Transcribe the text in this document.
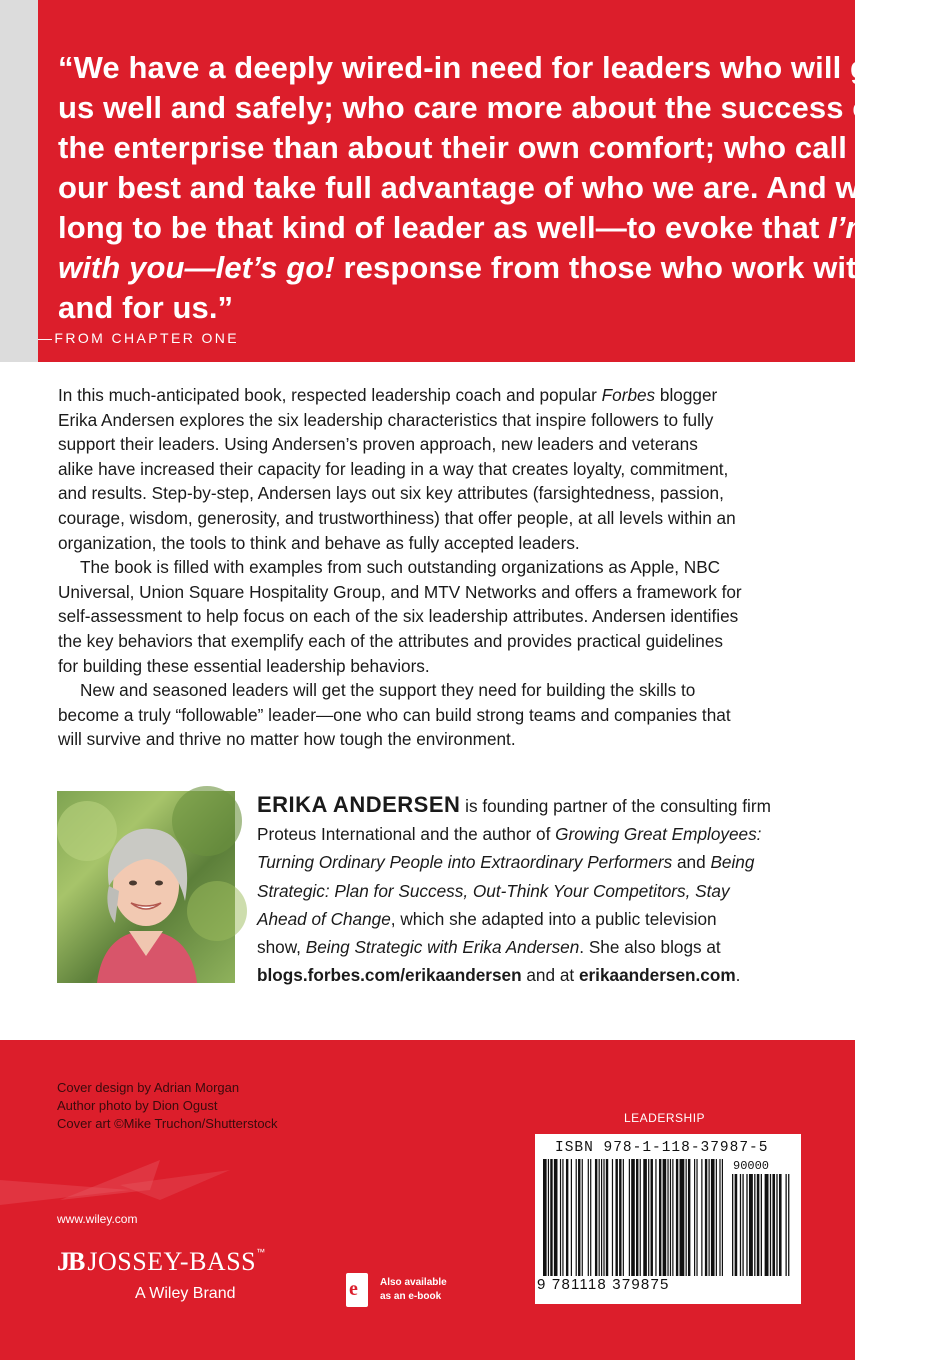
“We have a deeply wired-in need for leaders who will guide
us well and safely; who care more about the success of
the enterprise than about their own comfort; who call out
our best and take full advantage of who we are. And we
long to be that kind of leader as well—to evoke that I’m
with you—let’s go! response from those who work with
and for us.”
—FROM CHAPTER ONE

In this much-anticipated book, respected leadership coach and popular Forbes blogger
Erika Andersen explores the six leadership characteristics that inspire followers to fully
support their leaders. Using Andersen’s proven approach, new leaders and veterans
alike have increased their capacity for leading in a way that creates loyalty, commitment,
and results. Step-by-step, Andersen lays out six key attributes (farsightedness, passion,
courage, wisdom, generosity, and trustworthiness) that offer people, at all levels within an
organization, the tools to think and behave as fully accepted leaders.

The book is filled with examples from such outstanding organizations as Apple, NBC
Universal, Union Square Hospitality Group, and MTV Networks and offers a framework for
self-assessment to help focus on each of the six leadership attributes. Andersen identifies
the key behaviors that exemplify each of the attributes and provides practical guidelines
for building these essential leadership behaviors.

New and seasoned leaders will get the support they need for building the skills to
become a truly “followable” leader—one who can build strong teams and companies that
will survive and thrive no matter how tough the environment.

ERIKA ANDERSEN is founding partner of the consulting firm
Proteus International and the author of Growing Great Employees:
Turning Ordinary People into Extraordinary Performers and Being
Strategic: Plan for Success, Out-Think Your Competitors, Stay
Ahead of Change, which she adapted into a public television
show, Being Strategic with Erika Andersen. She also blogs at
blogs.forbes.com/erikaandersen and at erikaandersen.com.
Cover design by Adrian Morgan
Author photo by Dion Ogust
Cover art ©Mike Truchon/Shutterstock
www.wiley.com
JB JOSSEY-BASS™
A Wiley Brand	e Also available
as an e-book
LEADERSHIP
ISBN 978-1-118-37987-5
90000
9 781118 379875
